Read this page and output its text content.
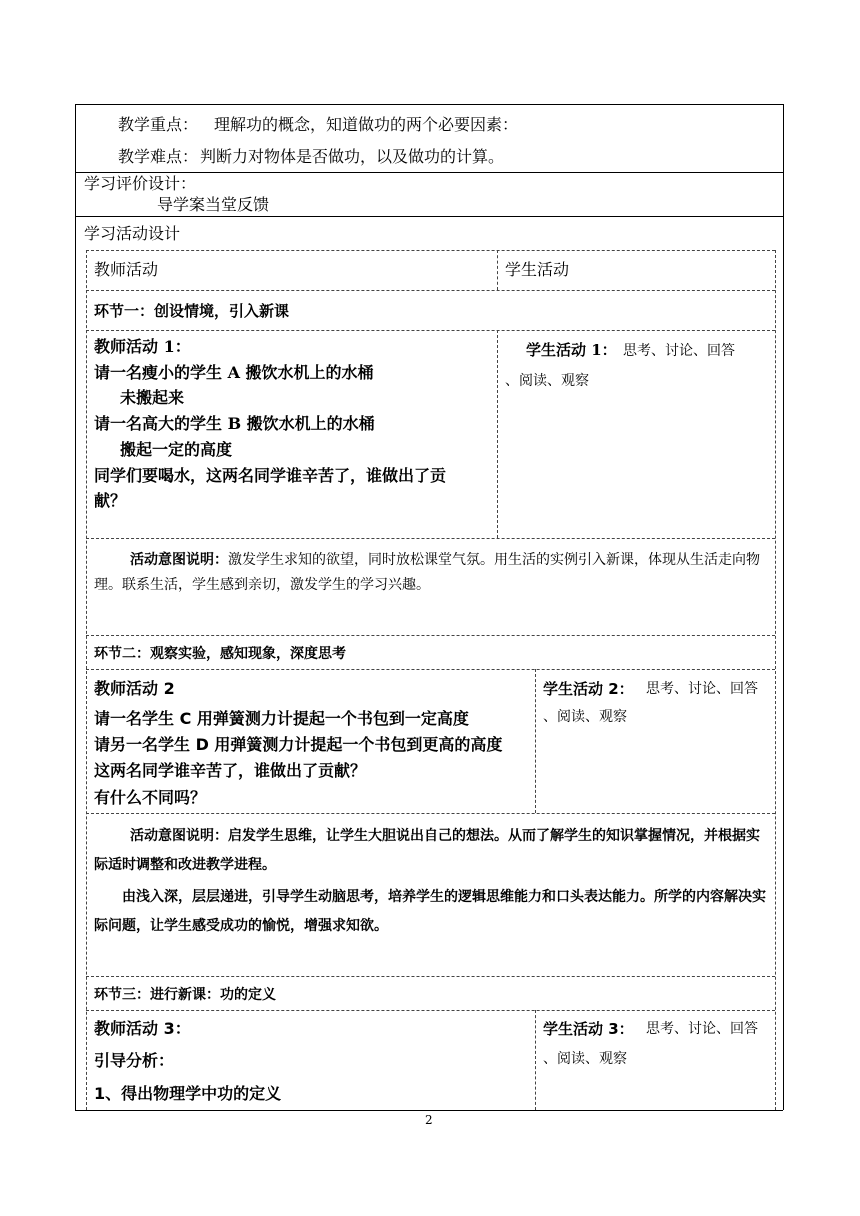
教学重点： 理解功的概念，知道做功的两个必要因素：
教学难点： 判断力对物体是否做功，以及做功的计算。
学习评价设计：
导学案当堂反馈
学习活动设计
教师活动	学生活动
环节一：创设情境，引入新课
教师活动 1：
请一名瘦小的学生 A 搬饮水机上的水桶
未搬起来
请一名高大的学生 B 搬饮水机上的水桶
搬起一定的高度
同学们要喝水，这两名同学谁辛苦了，谁做出了贡
献？
学生活动 1： 思考、讨论、回答
、阅读、观察
活动意图说明：激发学生求知的欲望，同时放松课堂气氛。用生活的实例引入新课，体现从生活走向物理。联系生活，学生感到亲切，激发学生的学习兴趣。
环节二：观察实验，感知现象，深度思考
教师活动 2
请一名学生 C 用弹簧测力计提起一个书包到一定高度
请另一名学生 D 用弹簧测力计提起一个书包到更高的高度
这两名同学谁辛苦了，谁做出了贡献？
有什么不同吗？
学生活动 2： 思考、讨论、回答
、阅读、观察
活动意图说明：启发学生思维，让学生大胆说出自己的想法。从而了解学生的知识掌握情况，并根据实际适时调整和改进教学进程。
由浅入深，层层递进，引导学生动脑思考，培养学生的逻辑思维能力和口头表达能力。所学的内容解决实际问题，让学生感受成功的愉悦，增强求知欲。
环节三：进行新课：功的定义
教师活动 3：
引导分析：
1、得出物理学中功的定义
学生活动 3： 思考、讨论、回答
、阅读、观察
2
